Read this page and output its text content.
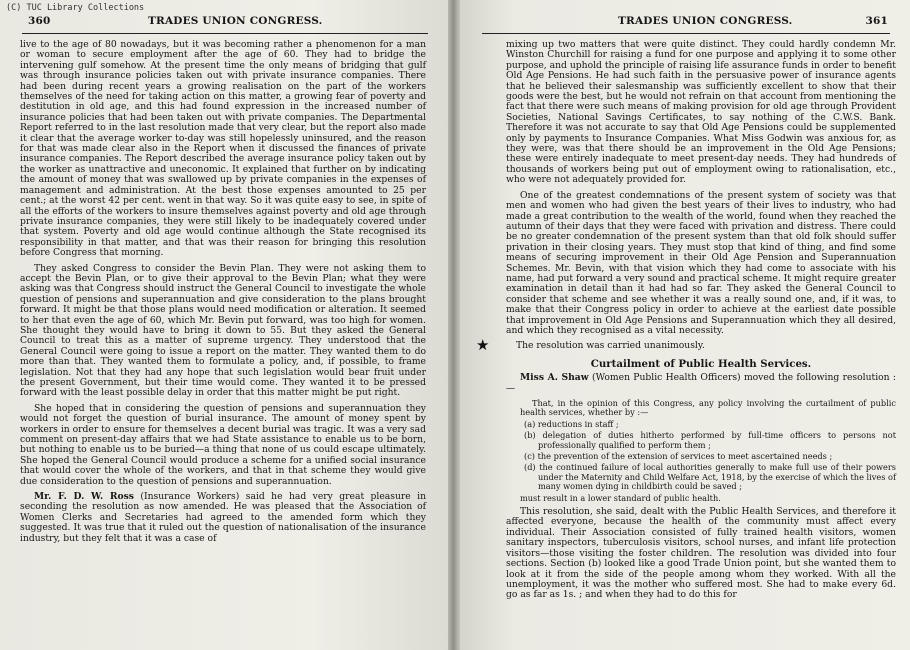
360	TRADES UNION CONGRESS.

live to the age of 80 nowadays, but it was becoming rather a phenomenon for a man or woman to secure employment after the age of 60. They had to bridge the intervening gulf somehow. At the present time the only means of bridging that gulf was through insurance policies taken out with private insurance companies. There had been during recent years a growing realisation on the part of the workers themselves of the need for taking action on this matter, a growing fear of poverty and destitution in old age, and this had found expression in the increased number of insurance policies that had been taken out with private companies. The Departmental Report referred to in the last resolution made that very clear, but the report also made it clear that the average worker to-day was still hopelessly uninsured, and the reason for that was made clear also in the Report when it discussed the finances of private insurance companies. The Report described the average insurance policy taken out by the worker as unattractive and uneconomic. It explained that further on by indicating the amount of money that was swallowed up by private companies in the expenses of management and administration. At the best those expenses amounted to 25 per cent.; at the worst 42 per cent. went in that way. So it was quite easy to see, in spite of all the efforts of the workers to insure themselves against poverty and old age through private insurance companies, they were still likely to be inadequately covered under that system. Poverty and old age would continue although the State recognised its responsibility in that matter, and that was their reason for bringing this resolution before Congress that morning.

They asked Congress to consider the Bevin Plan. They were not asking them to accept the Bevin Plan, or to give their approval to the Bevin Plan; what they were asking was that Congress should instruct the General Council to investigate the whole question of pensions and superannuation and give consideration to the plans brought forward. It might be that those plans would need modification or alteration. It seemed to her that even the age of 60, which Mr. Bevin put forward, was too high for women. She thought they would have to bring it down to 55. But they asked the General Council to treat this as a matter of supreme urgency. They understood that the General Council were going to issue a report on the matter. They wanted them to do more than that. They wanted them to formulate a policy, and, if possible, to frame legislation. Not that they had any hope that such legislation would bear fruit under the present Government, but their time would come. They wanted it to be pressed forward with the least possible delay in order that this matter might be put right.

She hoped that in considering the question of pensions and superannuation they would not forget the question of burial insurance. The amount of money spent by workers in order to ensure for themselves a decent burial was tragic. It was a very sad comment on present-day affairs that we had State assistance to enable us to be born, but nothing to enable us to be buried—a thing that none of us could escape ultimately. She hoped the General Council would produce a scheme for a unified social insurance that would cover the whole of the workers, and that in that scheme they would give due consideration to the question of pensions and superannuation.

Mr. F. D. W. Ross (Insurance Workers) said he had very great pleasure in seconding the resolution as now amended. He was pleased that the Association of Women Clerks and Secretaries had agreed to the amended form which they suggested. It was true that it ruled out the question of nationalisation of the insurance industry, but they felt that it was a case of

TRADES UNION CONGRESS.	361

mixing up two matters that were quite distinct. They could hardly condemn Mr. Winston Churchill for raising a fund for one purpose and applying it to some other purpose, and uphold the principle of raising life assurance funds in order to benefit Old Age Pensions. He had such faith in the persuasive power of insurance agents that he believed their salesmanship was sufficiently excellent to show that their goods were the best, but he would not refrain on that account from mentioning the fact that there were such means of making provision for old age through Provident Societies, National Savings Certificates, to say nothing of the C.W.S. Bank. Therefore it was not accurate to say that Old Age Pensions could be supplemented only by payments to Insurance Companies. What Miss Godwin was anxious for, as they were, was that there should be an improvement in the Old Age Pensions; these were entirely inadequate to meet present-day needs. They had hundreds of thousands of workers being put out of employment owing to rationalisation, etc., who were not adequately provided for.

One of the greatest condemnations of the present system of society was that men and women who had given the best years of their lives to industry, who had made a great contribution to the wealth of the world, found when they reached the autumn of their days that they were faced with privation and distress. There could be no greater condemnation of the present system than that old folk should suffer privation in their closing years. They must stop that kind of thing, and find some means of securing improvement in their Old Age Pension and Superannuation Schemes. Mr. Bevin, with that vision which they had come to associate with his name, had put forward a very sound and practical scheme. It might require greater examination in detail than it had had so far. They asked the General Council to consider that scheme and see whether it was a really sound one, and, if it was, to make that their Congress policy in order to achieve at the earliest date possible that improvement in Old Age Pensions and Superannuation which they all desired, and which they recognised as a vital necessity.

★	The resolution was carried unanimously.

Curtailment of Public Health Services.

Miss A. Shaw (Women Public Health Officers) moved the following resolution :—

That, in the opinion of this Congress, any policy involving the curtailment of public health services, whether by :—

(a) reductions in staff ;

(b) delegation of duties hitherto performed by full-time officers to persons not professionally qualified to perform them ;

(c) the prevention of the extension of services to meet ascertained needs ;

(d) the continued failure of local authorities generally to make full use of their powers under the Maternity and Child Welfare Act, 1918, by the exercise of which the lives of many women dying in childbirth could be saved ;

must result in a lower standard of public health.

This resolution, she said, dealt with the Public Health Services, and therefore it affected everyone, because the health of the community must affect every individual. Their Association consisted of fully trained health visitors, women sanitary inspectors, tuberculosis visitors, school nurses, and infant life protection visitors—those visiting the foster children. The resolution was divided into four sections. Section (b) looked like a good Trade Union point, but she wanted them to look at it from the side of the people among whom they worked. With all the unemployment, it was the mother who suffered most. She had to make every 6d. go as far as 1s. ; and when they had to do this for

(C) TUC Library Collections
